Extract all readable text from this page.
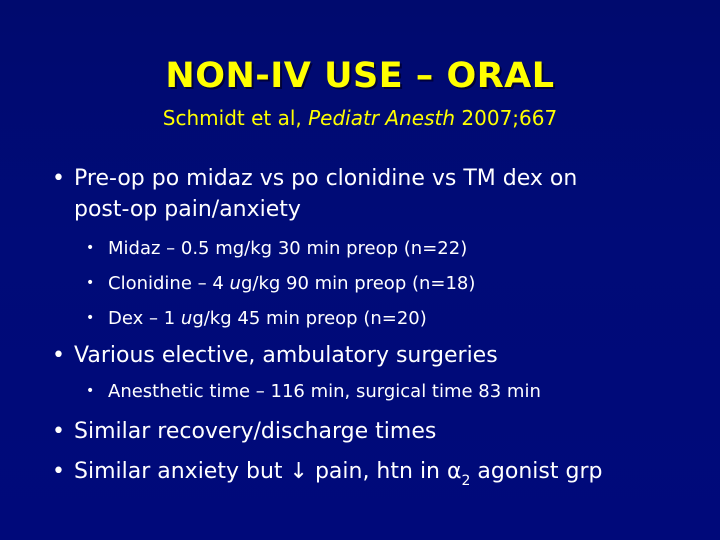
NON-IV USE – ORAL
Schmidt et al, Pediatr Anesth 2007;667
• Pre-op po midaz vs po clonidine vs TM dex on
post-op pain/anxiety
• Midaz – 0.5 mg/kg 30 min preop (n=22)
• Clonidine – 4 ug/kg 90 min preop (n=18)
• Dex – 1 ug/kg 45 min preop (n=20)
• Various elective, ambulatory surgeries
• Anesthetic time – 116 min, surgical time 83 min
• Similar recovery/discharge times
• Similar anxiety but ↓ pain, htn in $\alpha_2$ agonist grp
